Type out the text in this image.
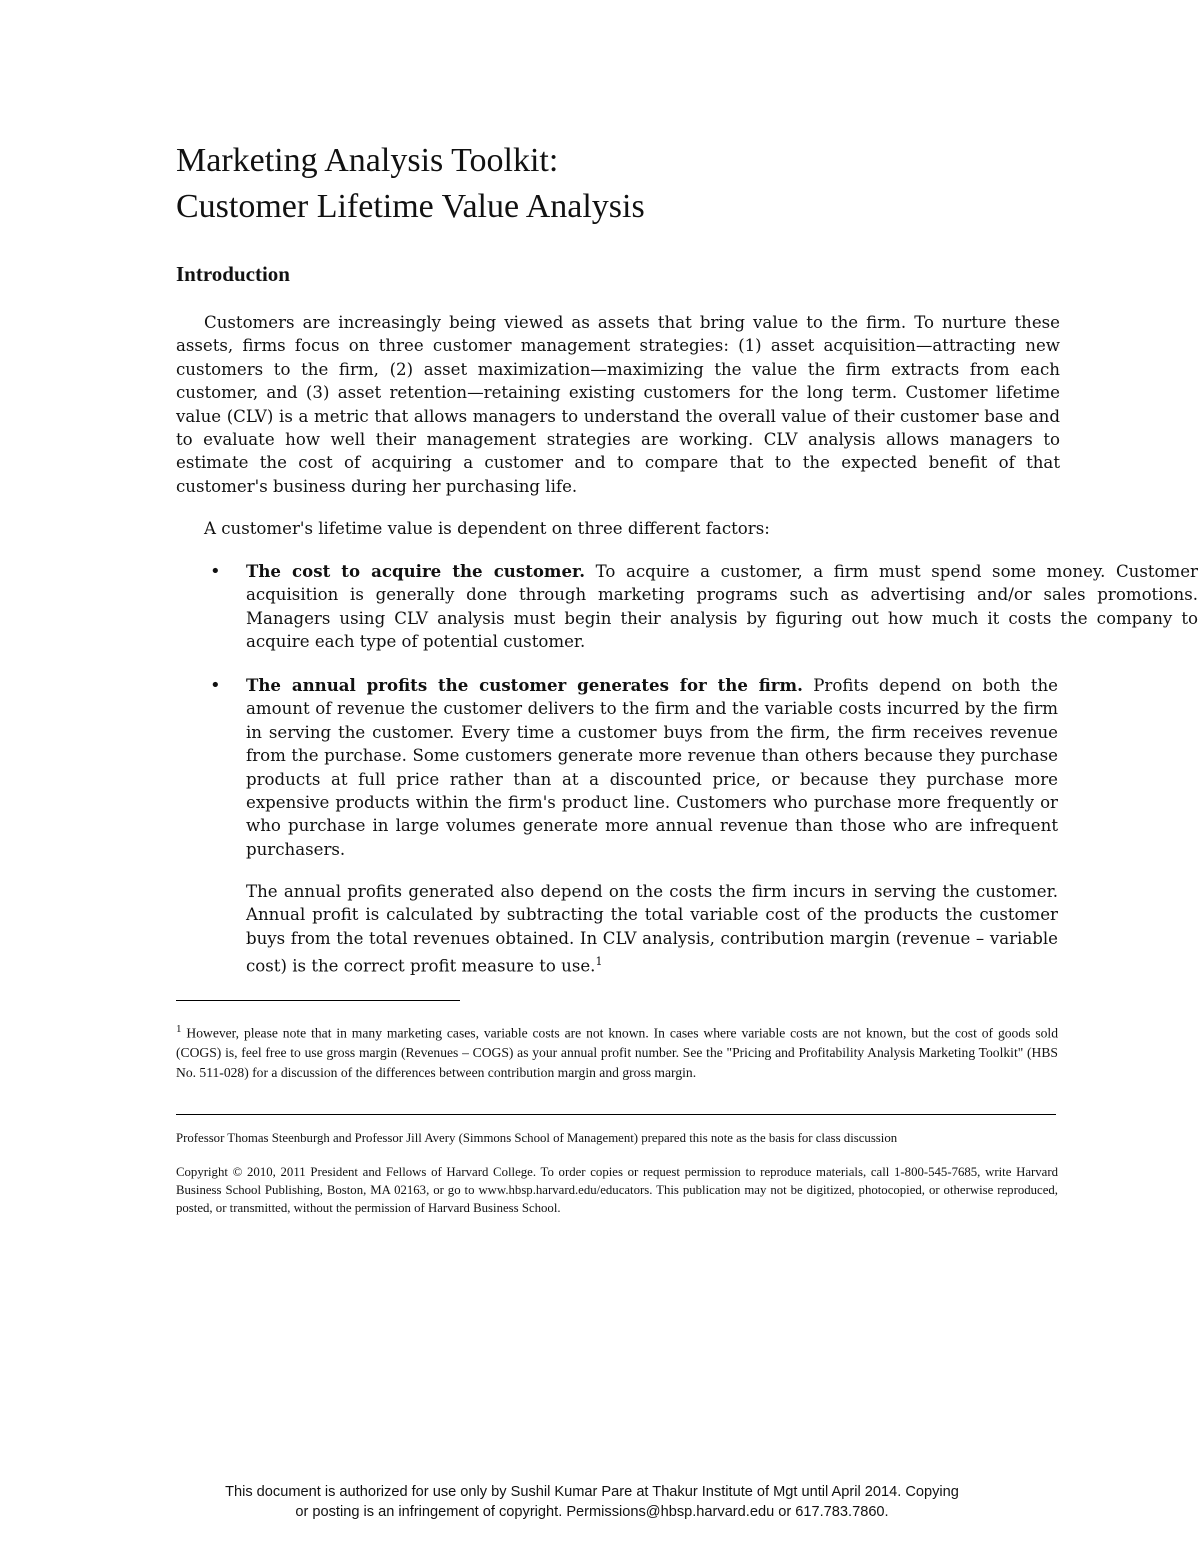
Marketing Analysis Toolkit:
Customer Lifetime Value Analysis
Introduction

Customers are increasingly being viewed as assets that bring value to the firm. To nurture these assets, firms focus on three customer management strategies: (1) asset acquisition—attracting new customers to the firm, (2) asset maximization—maximizing the value the firm extracts from each customer, and (3) asset retention—retaining existing customers for the long term. Customer lifetime value (CLV) is a metric that allows managers to understand the overall value of their customer base and to evaluate how well their management strategies are working. CLV analysis allows managers to estimate the cost of acquiring a customer and to compare that to the expected benefit of that customer's business during her purchasing life.

A customer's lifetime value is dependent on three different factors:

• The cost to acquire the customer. To acquire a customer, a firm must spend some money. Customer acquisition is generally done through marketing programs such as advertising and/or sales promotions. Managers using CLV analysis must begin their analysis by figuring out how much it costs the company to acquire each type of potential customer.

• The annual profits the customer generates for the firm. Profits depend on both the amount of revenue the customer delivers to the firm and the variable costs incurred by the firm in serving the customer. Every time a customer buys from the firm, the firm receives revenue from the purchase. Some customers generate more revenue than others because they purchase products at full price rather than at a discounted price, or because they purchase more expensive products within the firm's product line. Customers who purchase more frequently or who purchase in large volumes generate more annual revenue than those who are infrequent purchasers.

The annual profits generated also depend on the costs the firm incurs in serving the customer. Annual profit is calculated by subtracting the total variable cost of the products the customer buys from the total revenues obtained. In CLV analysis, contribution margin (revenue – variable cost) is the correct profit measure to use.$^1$

$^1$ However, please note that in many marketing cases, variable costs are not known. In cases where variable costs are not known, but the cost of goods sold (COGS) is, feel free to use gross margin (Revenues – COGS) as your annual profit number. See the "Pricing and Profitability Analysis Marketing Toolkit" (HBS No. 511-028) for a discussion of the differences between contribution margin and gross margin.

Professor Thomas Steenburgh and Professor Jill Avery (Simmons School of Management) prepared this note as the basis for class discussion

Copyright © 2010, 2011 President and Fellows of Harvard College. To order copies or request permission to reproduce materials, call 1-800-545-7685, write Harvard Business School Publishing, Boston, MA 02163, or go to www.hbsp.harvard.edu/educators. This publication may not be digitized, photocopied, or otherwise reproduced, posted, or transmitted, without the permission of Harvard Business School.

This document is authorized for use only by Sushil Kumar Pare at Thakur Institute of Mgt until April 2014. Copying
or posting is an infringement of copyright. Permissions@hbsp.harvard.edu or 617.783.7860.
